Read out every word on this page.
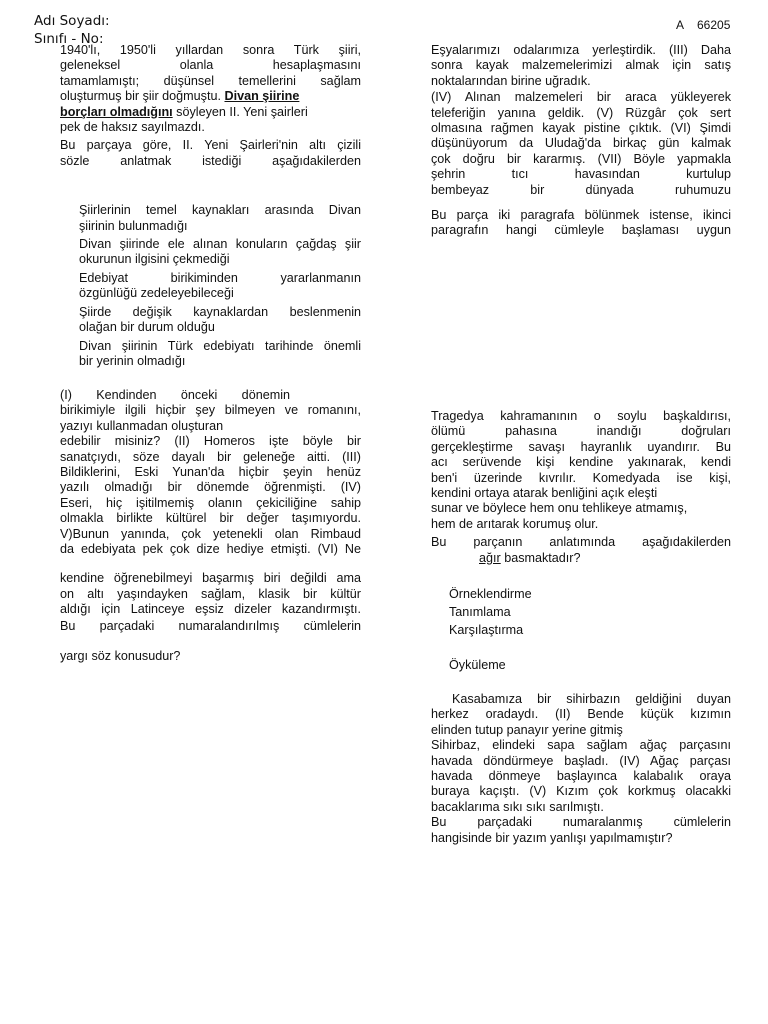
Adı Soyadı:
Sınıfı - No:
A 66205
1940'lı, 1950'li yıllardan sonra Türk şiiri,
geleneksel olanla hesaplaşmasını
tamamlamıştı; düşünsel temellerini sağlam
oluşturmuş bir şiir doğmuştu. Divan şiirine
borçları olmadığını söyleyen II. Yeni şairleri
pek de haksız sayılmazdı.
Bu parçaya göre, II. Yeni Şairleri'nin altı çizili
sözle anlatmak istediği aşağıdakilerden
Şiirlerinin temel kaynakları arasında Divan
şiirinin bulunmadığı
Divan şiirinde ele alınan konuların çağdaş şiir
okurunun ilgisini çekmediği
Edebiyat birikiminden yararlanmanın
özgünlüğü zedeleyebileceği
Şiirde değişik kaynaklardan beslenmenin
olağan bir durum olduğu
Divan şiirinin Türk edebiyatı tarihinde önemli
bir yerinin olmadığı
(I) Kendinden önceki dönemin
birikimiyle ilgili hiçbir şey bilmeyen ve romanını,
yazıyı kullanmadan oluşturan
edebilir misiniz? (II) Homeros işte böyle bir
sanatçıydı, söze dayalı bir geleneğe aitti. (III)
Bildiklerini, Eski Yunan'da hiçbir şeyin henüz
yazılı olmadığı bir dönemde öğrenmişti. (IV)
Eseri, hiç işitilmemiş olanın çekiciliğine sahip
olmakla birlikte kültürel bir değer taşımıyordu.
V)Bunun yanında, çok yetenekli olan Rimbaud
da edebiyata pek çok dize hediye etmişti. (VI) Ne
kendine öğrenebilmeyi başarmış biri değildi ama
on altı yaşındayken sağlam, klasik bir kültür
aldığı için Latinceye eşsiz dizeler kazandırmıştı.
Bu parçadaki numaralandırılmış cümlelerin
yargı söz konusudur?
Eşyalarımızı odalarımıza yerleştirdik. (III) Daha
sonra kayak malzemelerimizi almak için satış
noktalarından birine uğradık.
(IV) Alınan malzemeleri bir araca yükleyerek
teleferiğin yanına geldik. (V) Rüzgâr çok sert
olmasına rağmen kayak pistine çıktık. (VI) Şimdi
düşünüyorum da Uludağ'da birkaç gün kalmak
çok doğru bir kararmış. (VII) Böyle yapmakla
şehrin tıcı havasından kurtulup
bembeyaz bir dünyada ruhumuzu
Bu parça iki paragrafa bölünmek istense, ikinci
paragrafın hangi cümleyle başlaması uygun
Tragedya kahramanının o soylu başkaldırısı,
ölümü pahasına inandığı doğruları
gerçekleştirme savaşı hayranlık uyandırır. Bu
acı serüvende kişi kendine yakınarak, kendi
ben'i üzerinde kıvrılır. Komedyada ise kişi,
kendini ortaya atarak benliğini açık eleşti
sunar ve böylece hem onu tehlikeye atmamış,
hem de arıtarak korumuş olur.
Bu parçanın anlatımında aşağıdakilerden
ağır basmaktadır?
Örneklendirme
Tanımlama
Karşılaştırma
Öyküleme
Kasabamıza bir sihirbazın geldiğini duyan
herkez oradaydı. (II) Bende küçük kızımın
elinden tutup panayır yerine gitmiş
Sihirbaz, elindeki sapa sağlam ağaç parçasını
havada döndürmeye başladı. (IV) Ağaç parçası
havada dönmeye başlayınca kalabalık oraya
buraya kaçıştı. (V) Kızım çok korkmuş olacakki
bacaklarıma sıkı sıkı sarılmıştı.
Bu parçadaki numaralanmış cümlelerin
hangisinde bir yazım yanlışı yapılmamıştır?
